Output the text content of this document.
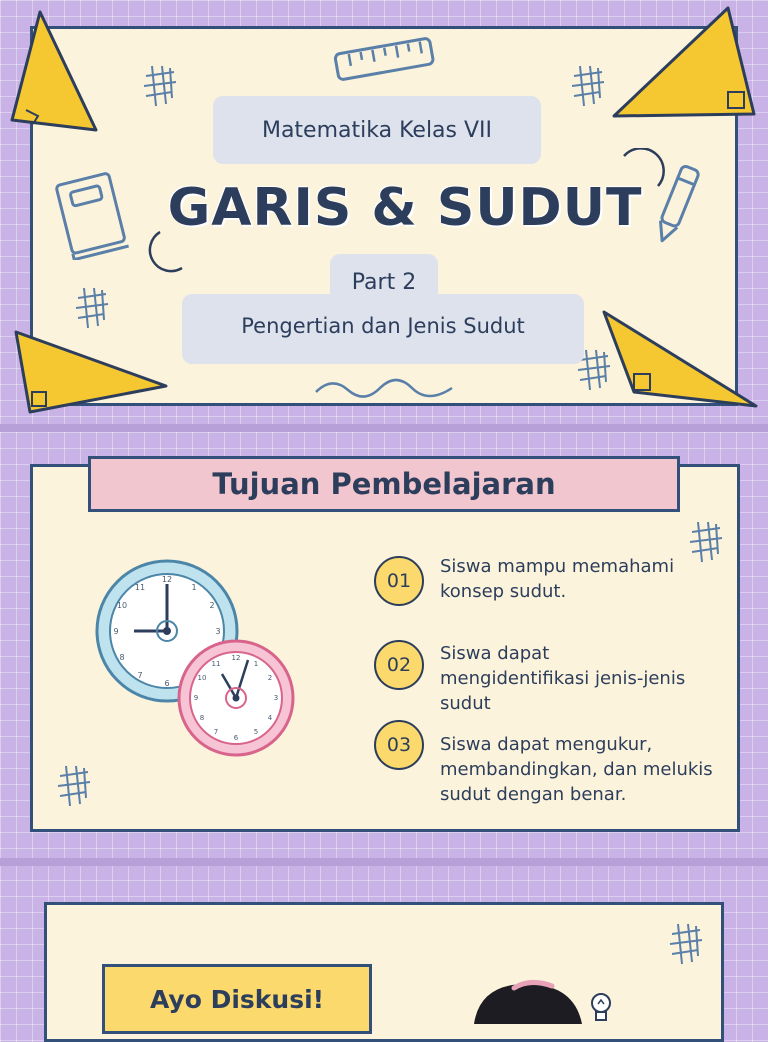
Matematika Kelas VII
GARIS & SUDUT
Part 2
Pengertian dan Jenis Sudut
Tujuan Pembelajaran
12
1
2
3
6
7
8
9
10
11
12
1
2
3
4
5
6
7
8
9
10
11
01
Siswa mampu memahami
konsep sudut.
02
Siswa dapat
mengidentifikasi jenis-jenis
sudut
03	Siswa dapat mengukur,
membandingkan, dan melukis
sudut dengan benar.
Ayo Diskusi!
